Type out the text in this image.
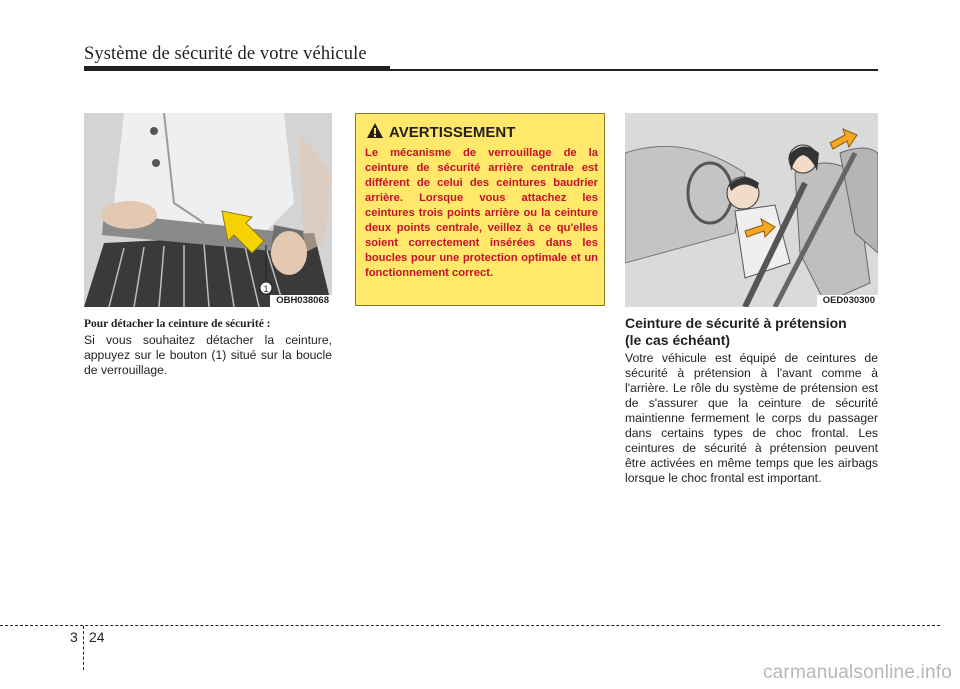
Système de sécurité de votre véhicule
1
OBH038068
Pour détacher la ceinture de sécurité :
Si vous souhaitez détacher la ceinture, appuyez sur le bouton (1) situé sur la boucle de verrouillage.
AVERTISSEMENT
Le mécanisme de verrouillage de la ceinture de sécurité arrière centrale est différent de celui des ceintures baudrier arrière. Lorsque vous attachez les ceintures trois points arrière ou la ceinture deux points centrale, veillez à ce qu'elles soient correctement insérées dans les boucles pour une protection optimale et un fonctionnement correct.
OED030300
Ceinture de sécurité à prétension
(le cas échéant)
Votre véhicule est équipé de ceintures de sécurité à prétension à l'avant comme à l'arrière. Le rôle du système de prétension est de s'assurer que la ceinture de sécurité maintienne fermement le corps du passager dans certains types de choc frontal. Les ceintures de sécurité à prétension peuvent être activées en même temps que les airbags lorsque le choc frontal est important.
3 24
carmanualsonline.info
